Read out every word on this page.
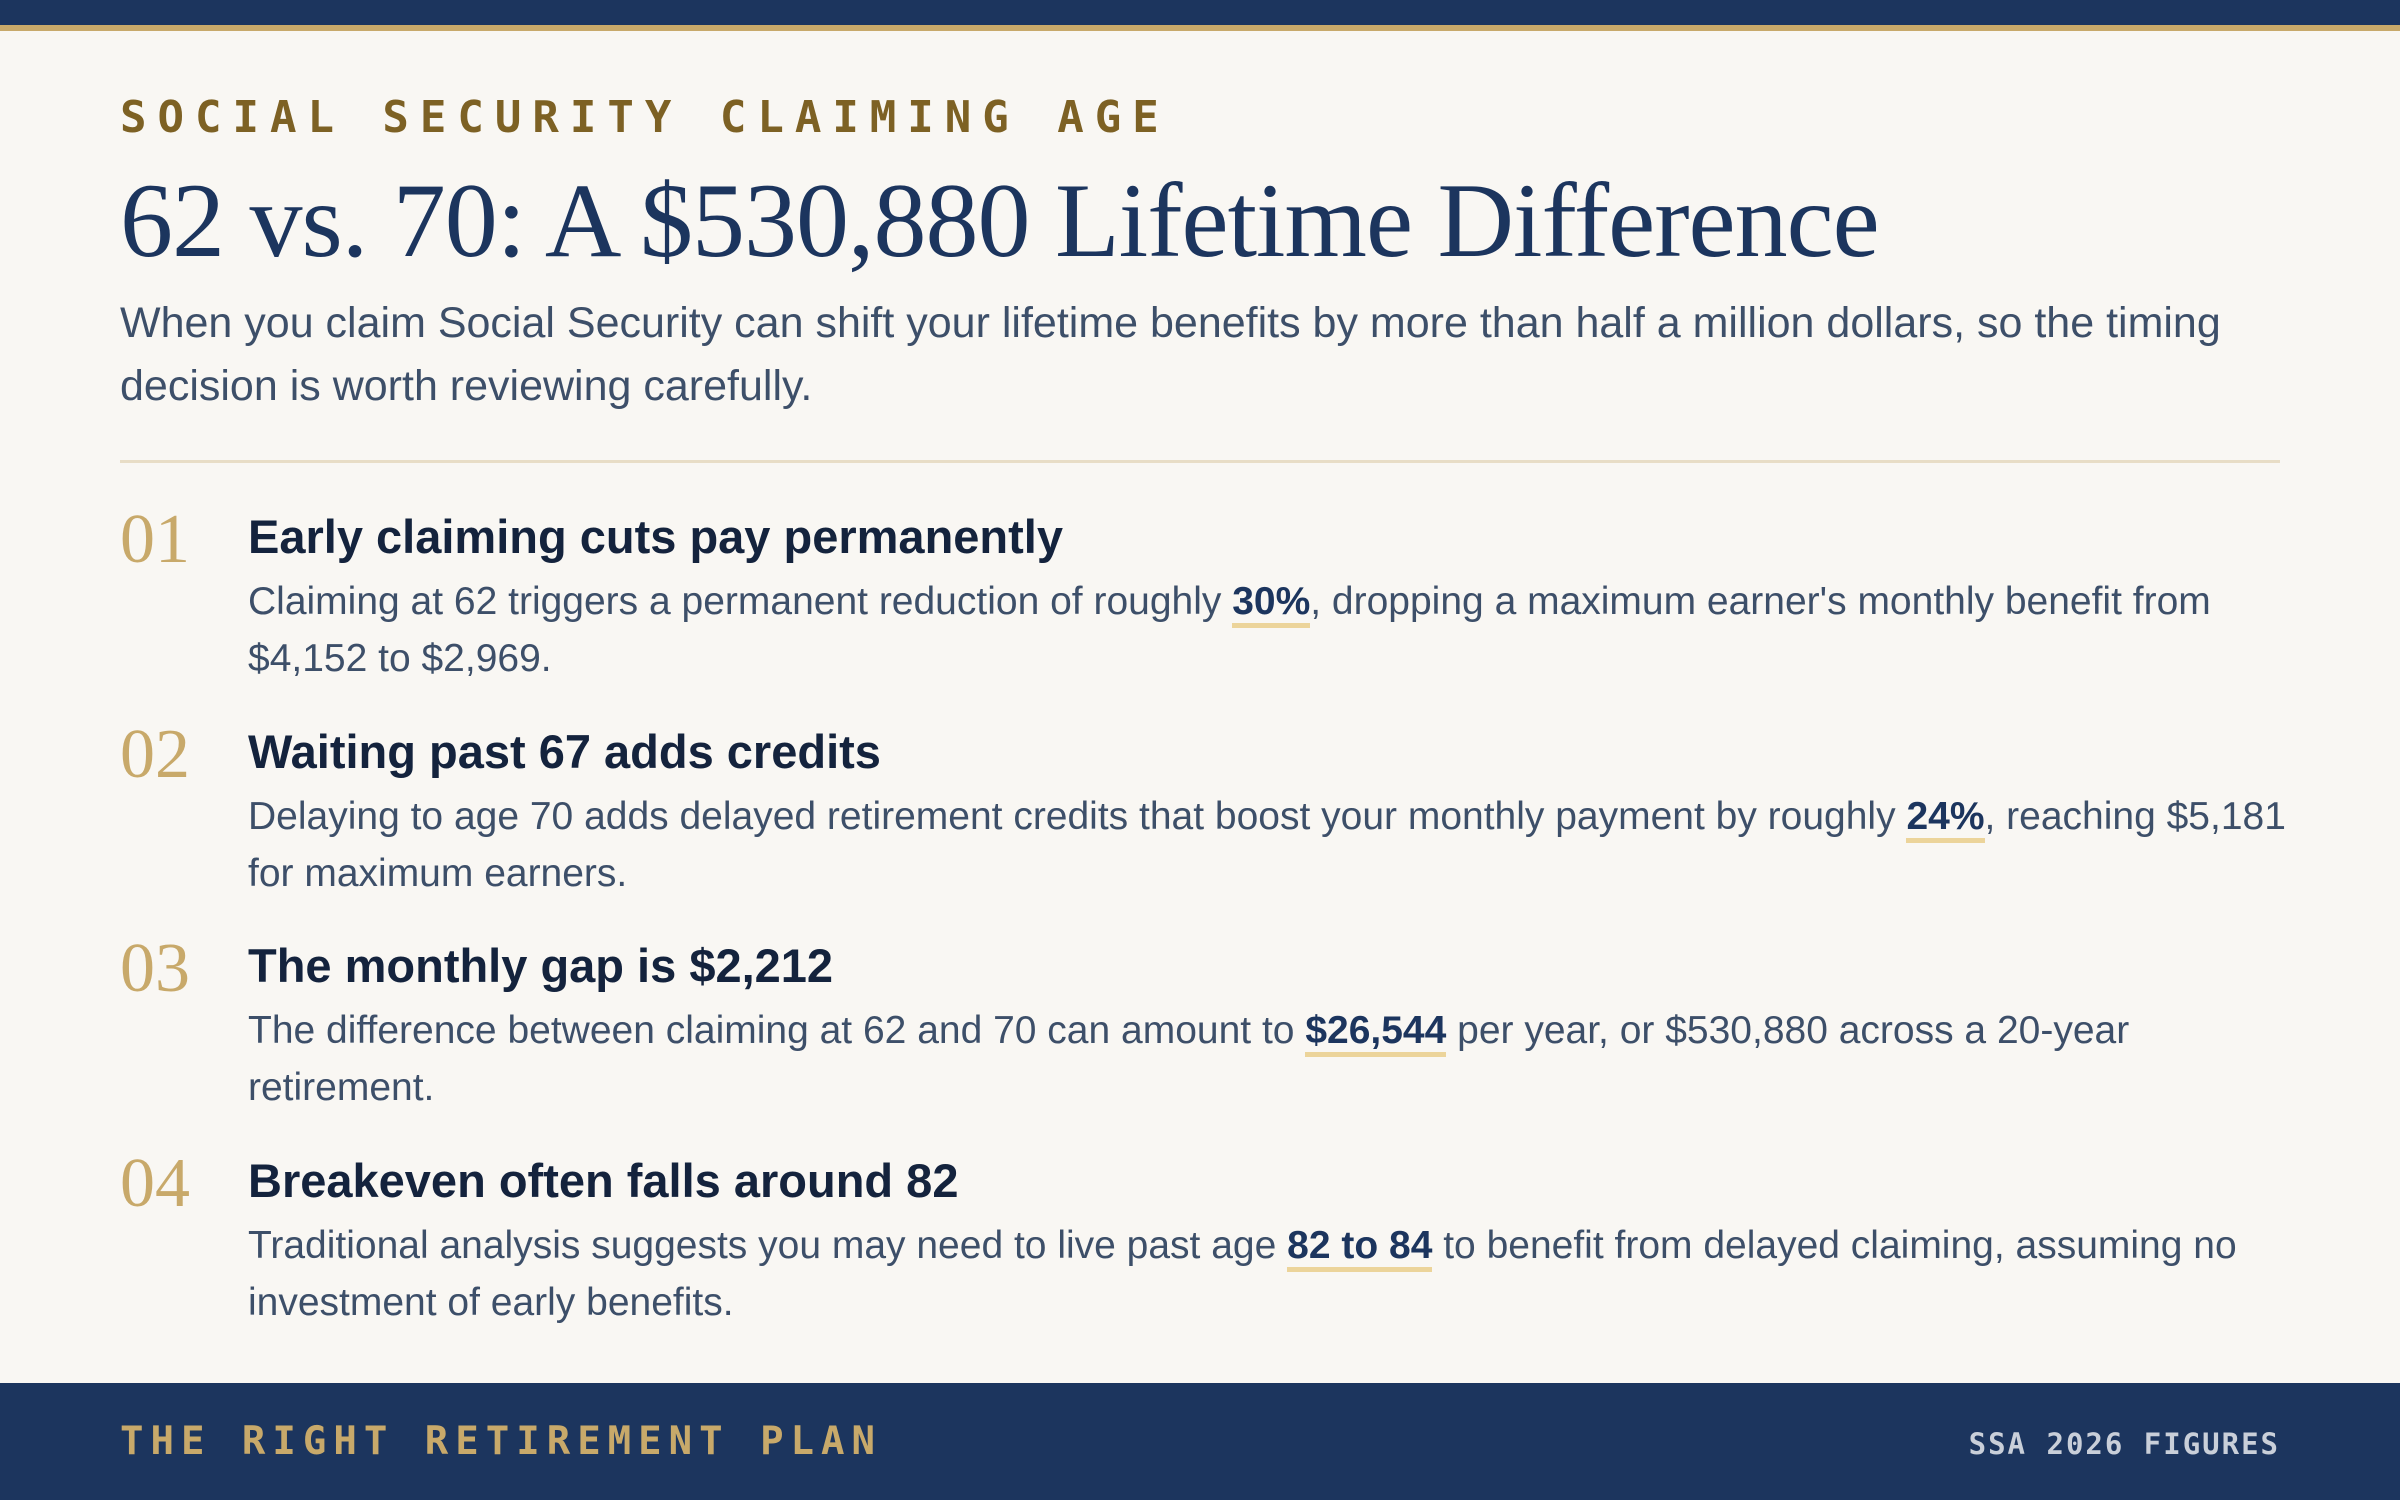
SOCIAL SECURITY CLAIMING AGE
62 vs. 70: A $530,880 Lifetime Difference
When you claim Social Security can shift your lifetime benefits by more than half a million dollars, so the timing decision is worth reviewing carefully.
01 Early claiming cuts pay permanently
Claiming at 62 triggers a permanent reduction of roughly 30%, dropping a maximum earner's monthly benefit from $4,152 to $2,969.
02 Waiting past 67 adds credits
Delaying to age 70 adds delayed retirement credits that boost your monthly payment by roughly 24%, reaching $5,181 for maximum earners.
03 The monthly gap is $2,212
The difference between claiming at 62 and 70 can amount to $26,544 per year, or $530,880 across a 20-year retirement.
04 Breakeven often falls around 82
Traditional analysis suggests you may need to live past age 82 to 84 to benefit from delayed claiming, assuming no investment of early benefits.
THE RIGHT RETIREMENT PLAN	SSA 2026 FIGURES
